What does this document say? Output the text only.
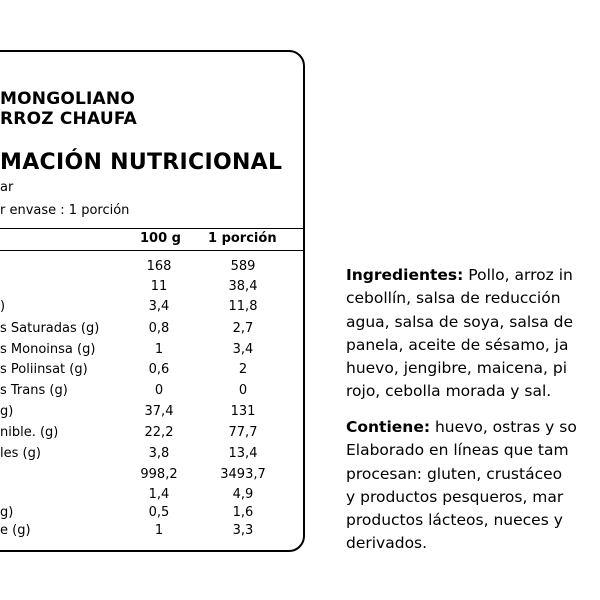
MONGOLIANO
RROZ CHAUFA
MACIÓN NUTRICIONAL
ar
r envase : 1 porción
100 g 1 porción
168	589
11	38,4
)	3,4	11,8
s Saturadas (g)	0,8	2,7
s Monoinsa (g)	1	3,4
s Poliinsat (g)	0,6	2
s Trans (g)	0	0
g)	37,4	131
nible. (g)	22,2	77,7
les (g)	3,8	13,4
998,2	3493,7
1,4	4,9
g)	0,5	1,6
e (g)	1	3,3
Ingredientes: Pollo, arroz in
cebollín, salsa de reducción
agua, salsa de soya, salsa de
panela, aceite de sésamo, ja
huevo, jengibre, maicena, pi
rojo, cebolla morada y sal.
Contiene: huevo, ostras y so
Elaborado en líneas que tam
procesan: gluten, crustáceo
y productos pesqueros, mar
productos lácteos, nueces y
derivados.
